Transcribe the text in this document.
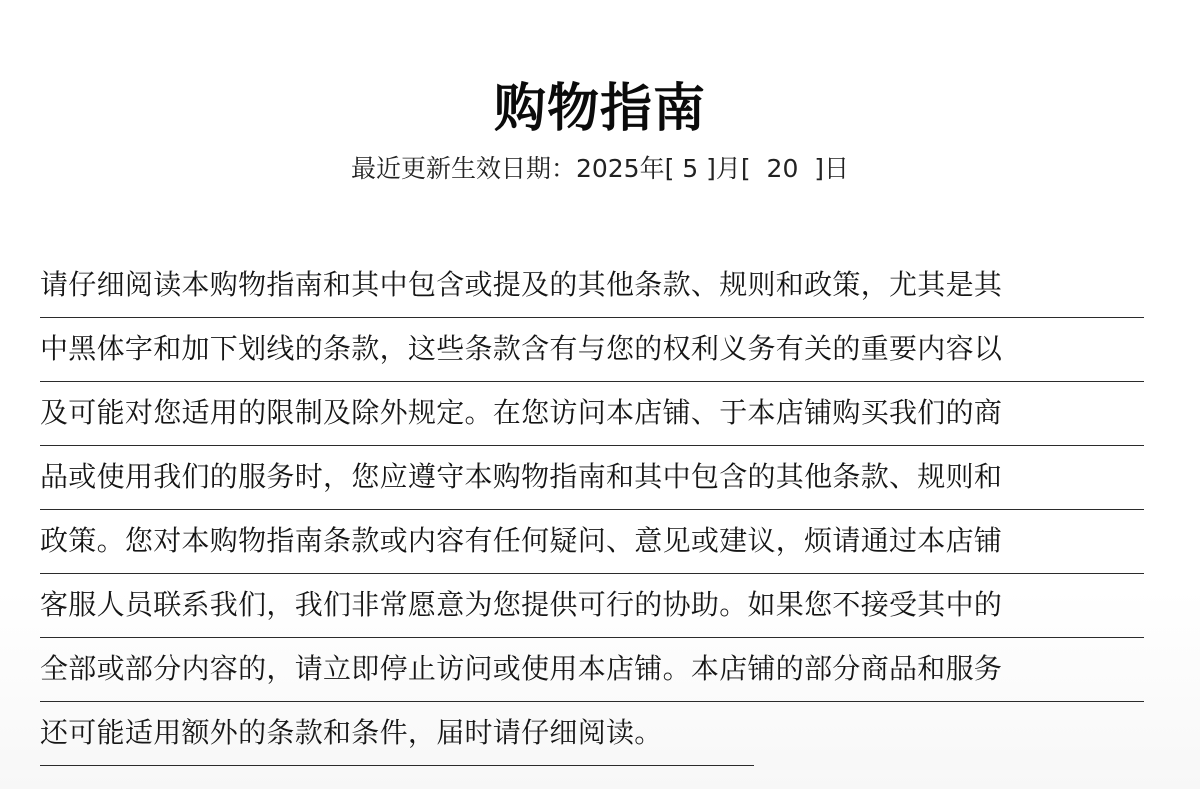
购物指南
最近更新生效日期：2025年[ 5 ]月[  20  ]日
请仔细阅读本购物指南和其中包含或提及的其他条款、规则和政策，尤其是其
中黑体字和加下划线的条款，这些条款含有与您的权利义务有关的重要内容以
及可能对您适用的限制及除外规定。在您访问本店铺、于本店铺购买我们的商
品或使用我们的服务时，您应遵守本购物指南和其中包含的其他条款、规则和
政策。您对本购物指南条款或内容有任何疑问、意见或建议，烦请通过本店铺
客服人员联系我们，我们非常愿意为您提供可行的协助。如果您不接受其中的
全部或部分内容的，请立即停止访问或使用本店铺。本店铺的部分商品和服务
还可能适用额外的条款和条件，届时请仔细阅读。
